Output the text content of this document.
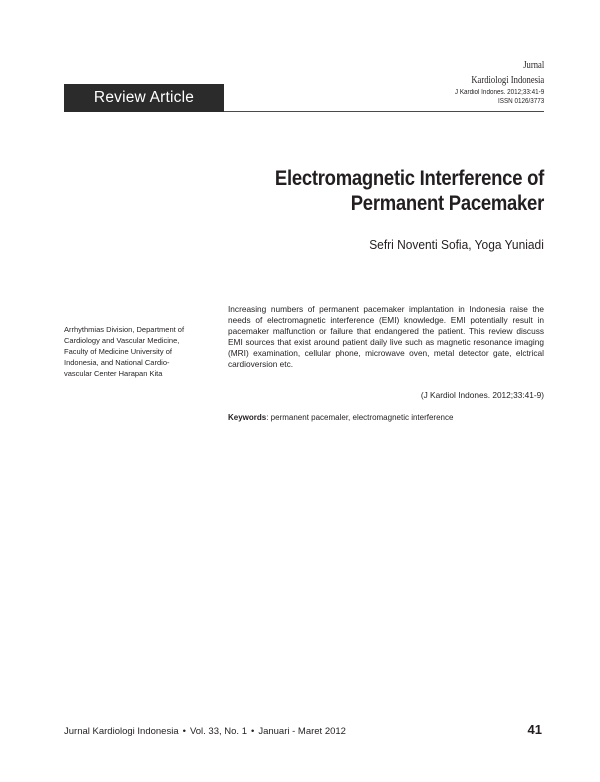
Jurnal
Kardiologi Indonesia
J Kardiol Indones. 2012;33:41-9
ISSN 0126/3773
Review Article
Electromagnetic Interference of
Permanent Pacemaker
Sefri Noventi Sofia, Yoga Yuniadi
Arrhythmias Division, Department of Cardiology and Vascular Medicine, Faculty of Medicine University of Indonesia, and National Cardio-vascular Center Harapan Kita

Increasing numbers of permanent pacemaker implantation in Indonesia raise the needs of electromagnetic interference (EMI) knowledge. EMI potentially result in pacemaker malfunction or failure that endangered the patient. This review discuss EMI sources that exist around patient daily live such as magnetic resonance imaging (MRI) examination, cellular phone, microwave oven, metal detector gate, elctrical cardioversion etc.

(J Kardiol Indones. 2012;33:41-9)
Keywords: permanent pacemaler, electromagnetic interference
Jurnal Kardiologi Indonesia • Vol. 33, No. 1 • Januari - Maret 2012	41
